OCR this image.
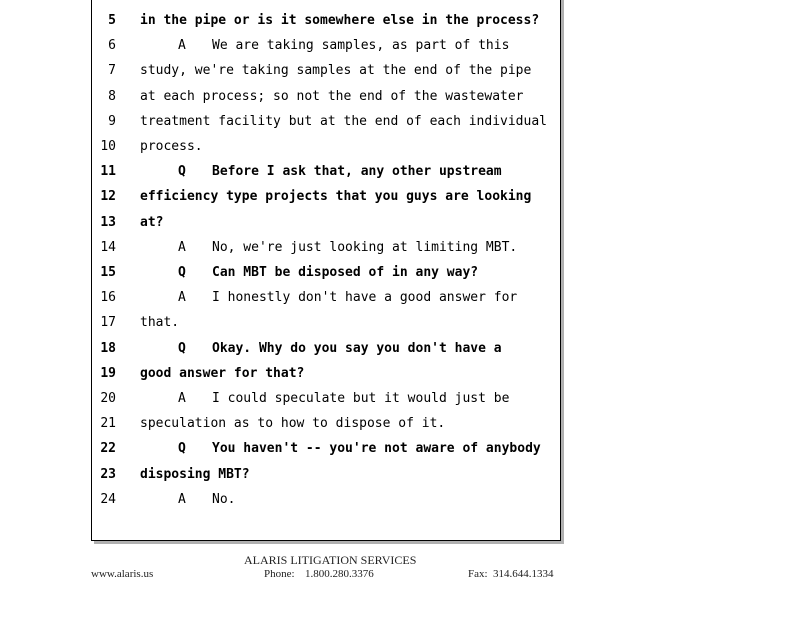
5 in the pipe or is it somewhere else in the process?
6	A We are taking samples, as part of this
7 study, we're taking samples at the end of the pipe
8 at each process; so not the end of the wastewater
9 treatment facility but at the end of each individual
10 process.
11	Q Before I ask that, any other upstream
12 efficiency type projects that you guys are looking
13 at?
14	A No, we're just looking at limiting MBT.
15	Q Can MBT be disposed of in any way?
16	A I honestly don't have a good answer for
17 that.
18	Q Okay. Why do you say you don't have a
19 good answer for that?
20	A I could speculate but it would just be
21 speculation as to how to dispose of it.
22	Q You haven't -- you're not aware of anybody
23 disposing MBT?
24	A No.
ALARIS LITIGATION SERVICES
www.alaris.us	Phone: 1.800.280.3376	Fax: 314.644.1334
